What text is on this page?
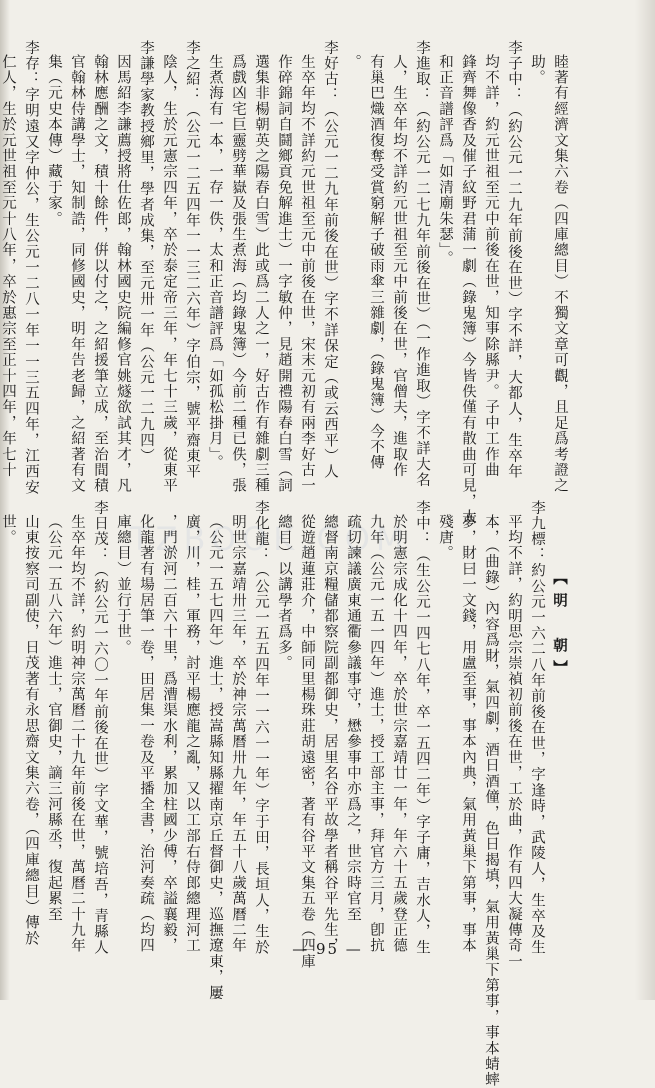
睦著有經濟文集六卷（四庫總目）不獨文章可觀，且足爲考證之
助。
李子中：（約公元一二九年前後在世）字不詳，大都人，生卒年
均不詳，約元世祖至元中前後在世，知事除縣尹。子中工作曲
鋒齊舞像香及催子紋野君蒲一劇（錄鬼簿）今皆佚僅有散曲可見，太
和正音譜評爲「如清廟朱瑟」。
李進取：（約公元一二七九年前後在世）（一作進取）字不詳大名
人，生卒年均不詳約元世祖至元中前後在世，官僧夫，進取作
有巢巴熾酒復奪受賞窮解子破雨傘三雜劇，（錄鬼簿）今不傳
。
李好古：（公元一二九年前後在世）字不詳保定（或云西平）人
生卒年均不詳約元世祖至元中前後在世，宋末元初有兩李好古一
作碎錦詞自鬪鄉貢免解進士）一字敏仲，見趙開禮陽春白雪（詞
選集非楊朝英之陽春白雪）此或爲二人之一，好古作有雜劇三種
爲戲凶宅巨靈劈華嶽及張生煮海（均錄鬼簿）今前二種已佚，張
生煮海有一本，一存一佚，太和正音譜評爲「如孤松掛月」。
李之紹：（公元一二五四年一一三二六年）字伯宗，號平齋東平
陰人，生於元憲宗四年，卒於泰定帝三年，年七十三歲，從東平
李謙學家教授鄉里，學者成集，至元卅一年（公元一二九四）
因馬紹李謙薦授將仕佐郎，翰林國史院編修官姚燧欲試其才，凡
翰林應酬之文，積十餘件，倂以付之，之紹援筆立成，至治間積
官翰林侍講學士，知制誥，同修國史，明年告老歸，之紹著有文
集（元史本傳）藏于家。
李存：字明遠又字仲公，生公元一二八一年一一三五四年，江西安
仁人，生於元世祖至元十八年，卒於惠宗至正十四年，年七十
【明　朝】
李九標：約公元一六二八年前後在世，字逢時，武陵人，生卒及生
平均不詳，約明思宗崇禎初前後在世，工於曲，作有四大凝傳奇一
本，（曲錄）內容爲財，氣四劇，酒日酒僮，色日揭填，氣用黃巢下第事，事本蜻蟀
夢，財曰一文錢，用盧至事，事本內典，氣用黃巢下第事，事本
殘唐。
李中：（生公元一四七八年，卒一五四二年）字子庸，吉水人，生
於明憲宗成化十四年，卒於世宗嘉靖廿一年，年六十五歲登正德
九年（公元一五一四年）進士，授工部主事，拜官方三月，卽抗
疏切諫議廣東通衢參議事守，懋參事中亦爲之，世宗時官至
總督南京糧儲都察院副都御史，居里名谷平故學者稱谷平先生，
從遊趙蓮莊介，中師同里楊珠莊胡遠密，著有谷平文集五卷（四庫
總目）以講學者爲多。
李化龍：（公元一五五四年一一六一一年）字于田，長垣人，生於
明世宗嘉靖卅三年，卒於神宗萬曆卅九年，年五十八歲萬曆二年
（公元一五七四年）進士，授嵩縣知縣擢南京丘督御史，巡撫遼東，屢
廣，川，桂，軍務，討平楊應龍之亂，又以工部右侍郎總理河工
，門淤河二百六十里，爲漕渠水利，累加柱國少傅，卒謚襄毅，
化龍著有場居筆一卷，田居集一卷及平播全書，治河奏疏（均四
庫總目）並行于世。
李日茂：（約公元一六〇一年前後在世）字文華，號培吾，青縣人
生卒年均不詳，約明神宗萬曆二十九年前後在世，萬曆二十九年
（公元一五八六年）進士，官御史，謫三河縣丞，復起累至
山東按察司副使，日茂著有永思齋文集六卷，（四庫總目）傳於
世。	TZBOOK.COM
— 95 —
